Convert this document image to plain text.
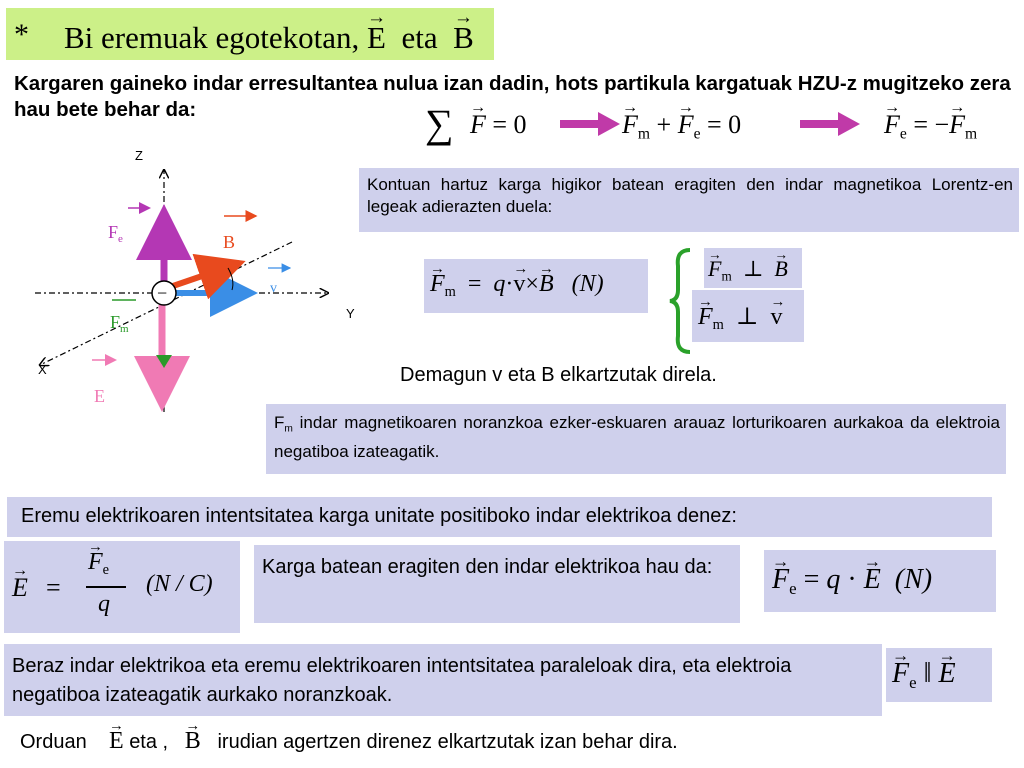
* Bi eremuak egotekotan, → E eta → B
Kargaren gaineko indar erresultantea nulua izan dadin, hots partikula kargatuak HZU-z mugitzeko zera hau bete behar da:	∑ → F = 0	→ $F_m$ + → $F_e = 0$	→ $F_e$ = −→ $F_m$
−
Z
Y
X
$F_e$	B
v
$F_m$
E
Kontuan hartuz karga higikor batean eragiten den indar magnetikoa Lorentz-en legeak adierazten duela:
→ $F_m = q\cdot\to v\times\to B$ (N)
→ $F_m$ ⊥ → B
→ $F_m$ ⊥ → v
Demagun v eta B elkartzutak direla.
$F_m$ indar magnetikoaren noranzkoa ezker-eskuaren arauaz lorturikoaren aurkakoa da elektroia negatiboa izateagatik.
Eremu elektrikoaren intentsitatea karga unitate positiboko indar elektrikoa denez:
→ E =
→ $F_e$
q
(N / C)
Karga batean eragiten den indar elektrikoa hau da:	→ $F_e = q$ · → E (N)
Beraz indar elektrikoa eta eremu elektrikoaren intentsitatea paraleloak dira, eta elektroia negatiboa izateagatik aurkako noranzkoak.
→ $F_e$ ‖ → E
Orduan → E eta , → B irudian agertzen direnez elkartzutak izan behar dira.
